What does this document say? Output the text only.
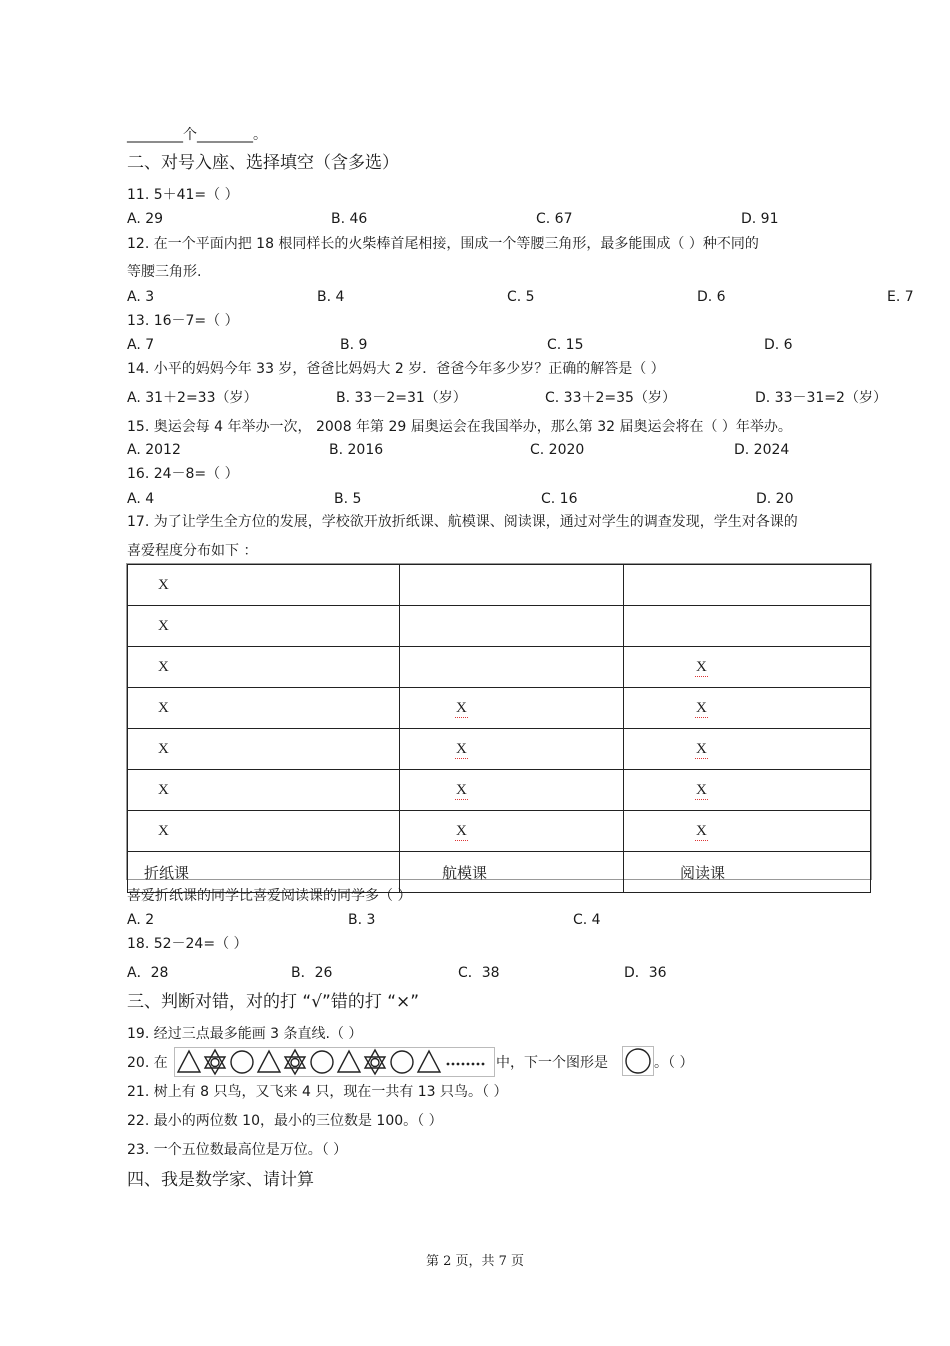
________个________。
二、对号入座、选择填空（含多选）
11. 5＋41=（ ）
A. 29	B. 46	C. 67	D. 91
12. 在一个平面内把 18 根同样长的火柴棒首尾相接，围成一个等腰三角形，最多能围成（ ）种不同的
等腰三角形.
A. 3	B. 4	C. 5	D. 6	E. 7
13. 16－7=（ ）
A. 7	B. 9	C. 15	D. 6
14. 小平的妈妈今年 33 岁，爸爸比妈妈大 2 岁．爸爸今年多少岁？正确的解答是（ ）
A. 31＋2=33（岁）	B. 33－2=31（岁）	C. 33＋2=35（岁）	D. 33－31=2（岁）
15. 奥运会每 4 年举办一次， 2008 年第 29 届奥运会在我国举办，那么第 32 届奥运会将在（ ）年举办。
A. 2012	B. 2016	C. 2020	D. 2024
16. 24－8=（ ）
A. 4	B. 5	C. 16	D. 20
17. 为了让学生全方位的发展，学校欲开放折纸课、航模课、阅读课，通过对学生的调查发现，学生对各课的
喜爱程度分布如下 ：
X		
X		
X		X
X	X	X
X	X	X
X	X	X
X	X	X
折纸课	航模课	阅读课
喜爱折纸课的同学比喜爱阅读课的同学多（ ）
A. 2	B. 3	C. 4
18. 52－24=（ ）
A．28	B．26	C．38	D．36
三、判断对错，对的打 “√”错的打 “×”
19. 经过三点最多能画 3 条直线.（ ）
20. 在	中，下一个图形是	。（ ）
21. 树上有 8 只鸟，又飞来 4 只，现在一共有 13 只鸟。（ ）
22. 最小的两位数 10，最小的三位数是 100。（ ）
23. 一个五位数最高位是万位。（ ）
四、我是数学家、请计算
第 2 页，共 7 页
